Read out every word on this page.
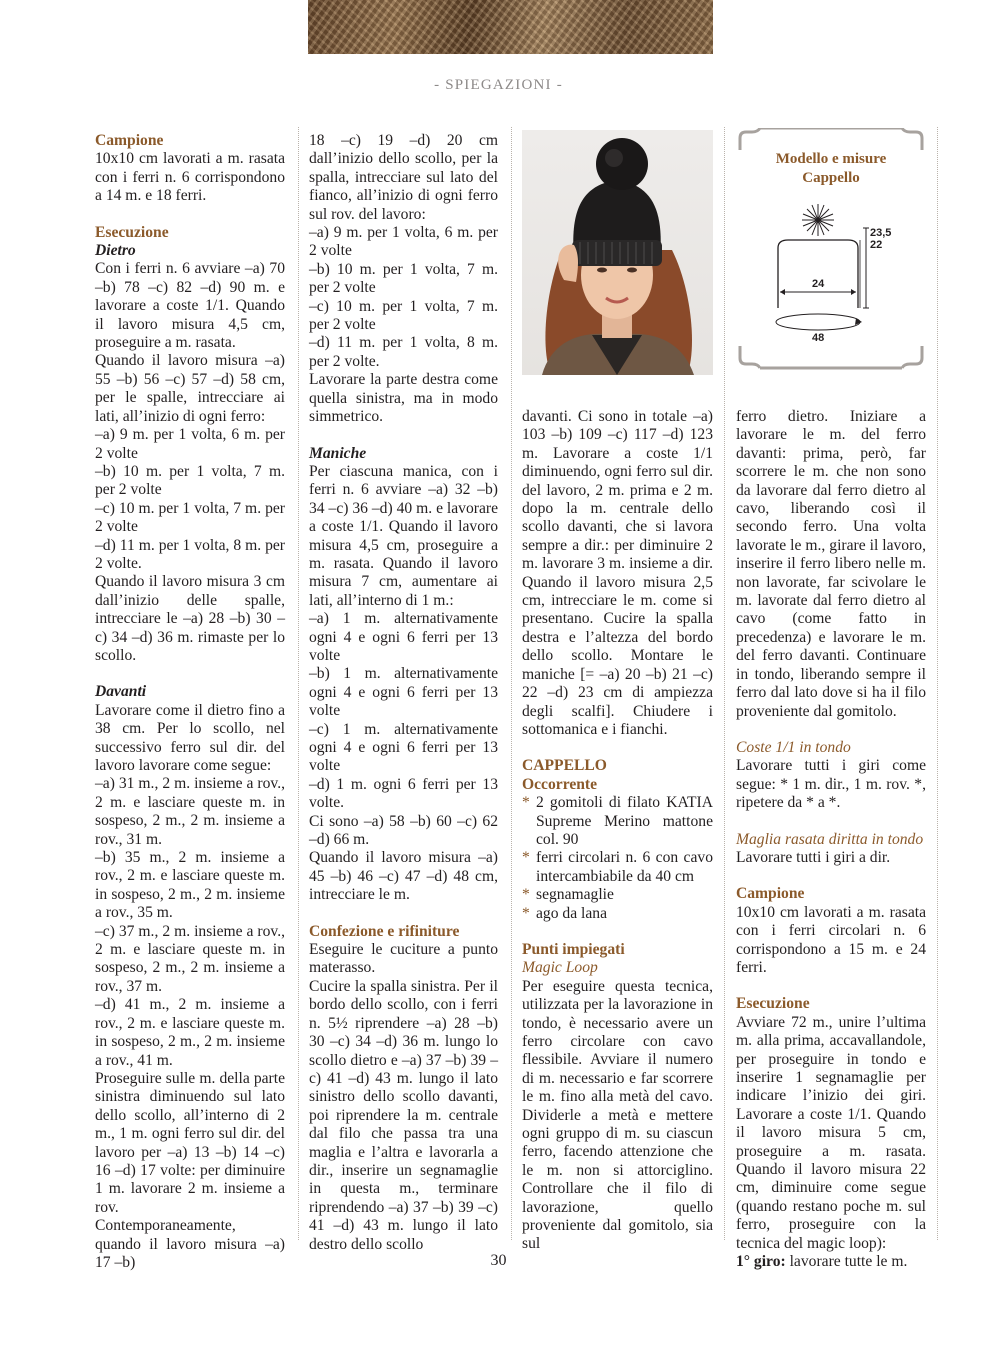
- SPIEGAZIONI -

Campione

10x10 cm lavorati a m. rasata con i ferri n. 6 corrispondono a 14 m. e 18 ferri.

Esecuzione

Dietro

Con i ferri n. 6 avviare –a) 70 –b) 78 –c) 82 –d) 90 m. e lavorare a coste 1/1. Quando il lavoro misura 4,5 cm, proseguire a m. rasata.

Quando il lavoro misura –a) 55 –b) 56 –c) 57 –d) 58 cm, per le spalle, intrecciare ai lati, all’inizio di ogni ferro:

–a) 9 m. per 1 volta, 6 m. per 2 volte

–b) 10 m. per 1 volta, 7 m. per 2 volte

–c) 10 m. per 1 volta, 7 m. per 2 volte

–d) 11 m. per 1 volta, 8 m. per 2 volte.

Quando il lavoro misura 3 cm dall’inizio delle spalle, intrecciare le –a) 28 –b) 30 –c) 34 –d) 36 m. rimaste per lo scollo.

Davanti

Lavorare come il dietro fino a 38 cm. Per lo scollo, nel successivo ferro sul dir. del lavoro lavorare come segue:

–a) 31 m., 2 m. insieme a rov., 2 m. e lasciare queste m. in sospeso, 2 m., 2 m. insieme a rov., 31 m.

–b) 35 m., 2 m. insieme a rov., 2 m. e lasciare queste m. in sospeso, 2 m., 2 m. insieme a rov., 35 m.

–c) 37 m., 2 m. insieme a rov., 2 m. e lasciare queste m. in sospeso, 2 m., 2 m. insieme a rov., 37 m.

–d) 41 m., 2 m. insieme a rov., 2 m. e lasciare queste m. in sospeso, 2 m., 2 m. insieme a rov., 41 m.

Proseguire sulle m. della parte sinistra diminuendo sul lato dello scollo, all’interno di 2 m., 1 m. ogni ferro sul dir. del lavoro per –a) 13 –b) 14 –c) 16 –d) 17 volte: per diminuire 1 m. lavorare 2 m. insieme a rov.

Contemporaneamente, quando il lavoro misura –a) 17 –b)

18 –c) 19 –d) 20 cm dall’inizio dello scollo, per la spalla, intrecciare sul lato del fianco, all’inizio di ogni ferro sul rov. del lavoro:

–a) 9 m. per 1 volta, 6 m. per 2 volte

–b) 10 m. per 1 volta, 7 m. per 2 volte

–c) 10 m. per 1 volta, 7 m. per 2 volte

–d) 11 m. per 1 volta, 8 m. per 2 volte.

Lavorare la parte destra come quella sinistra, ma in modo simmetrico.

Maniche

Per ciascuna manica, con i ferri n. 6 avviare –a) 32 –b) 34 –c) 36 –d) 40 m. e lavorare a coste 1/1. Quando il lavoro misura 4,5 cm, proseguire a m. rasata. Quando il lavoro misura 7 cm, aumentare ai lati, all’interno di 1 m.:

–a) 1 m. alternativamente ogni 4 e ogni 6 ferri per 13 volte

–b) 1 m. alternativamente ogni 4 e ogni 6 ferri per 13 volte

–c) 1 m. alternativamente ogni 4 e ogni 6 ferri per 13 volte

–d) 1 m. ogni 6 ferri per 13 volte.

Ci sono –a) 58 –b) 60 –c) 62 –d) 66 m.

Quando il lavoro misura –a) 45 –b) 46 –c) 47 –d) 48 cm, intrecciare le m.

Confezione e rifiniture

Eseguire le cuciture a punto materasso.

Cucire la spalla sinistra. Per il bordo dello scollo, con i ferri n. 5½ riprendere –a) 28 –b) 30 –c) 34 –d) 36 m. lungo lo scollo dietro e –a) 37 –b) 39 –c) 41 –d) 43 m. lungo il lato sinistro dello scollo davanti, poi riprendere la m. centrale dal filo che passa tra una maglia e l’altra e lavorarla a dir., inserire un segnamaglie in questa m., terminare riprendendo –a) 37 –b) 39 –c) 41 –d) 43 m. lungo il lato destro dello scollo

davanti. Ci sono in totale –a) 103 –b) 109 –c) 117 –d) 123 m. Lavorare a coste 1/1 diminuendo, ogni ferro sul dir. del lavoro, 2 m. prima e 2 m. dopo la m. centrale dello scollo davanti, che si lavora sempre a dir.: per diminuire 2 m. lavorare 3 m. insieme a dir. Quando il lavoro misura 2,5 cm, intrecciare le m. come si presentano. Cucire la spalla destra e l’altezza del bordo dello scollo. Montare le maniche [= –a) 20 –b) 21 –c) 22 –d) 23 cm di ampiezza degli scalfi]. Chiudere i sottomanica e i fianchi.

CAPPELLO

Occorrente

* 2 gomitoli di filato KATIA Supreme Merino mattone col. 90
* ferri circolari n. 6 con cavo intercambiabile da 40 cm
* segnamaglie
* ago da lana

Punti impiegati

Magic Loop

Per eseguire questa tecnica, utilizzata per la lavorazione in tondo, è necessario avere un ferro circolare con cavo flessibile. Avviare il numero di m. necessario e far scorrere le m. fino alla metà del cavo. Dividerle a metà e mettere ogni gruppo di m. su ciascun ferro, facendo attenzione che le m. non si attorciglino. Controllare che il filo di lavorazione, quello proveniente dal gomitolo, sia sul

Modello e misure
Cappello
23,5
22
24
48

ferro dietro. Iniziare a lavorare le m. del ferro davanti: prima, però, far scorrere le m. che non sono da lavorare dal ferro dietro al cavo, liberando così il secondo ferro. Una volta lavorate le m., girare il lavoro, inserire il ferro libero nelle m. non lavorate, far scivolare le m. lavorate dal ferro dietro al cavo (come fatto in precedenza) e lavorare le m. del ferro davanti. Continuare in tondo, liberando sempre il ferro dal lato dove si ha il filo proveniente dal gomitolo.

Coste 1/1 in tondo

Lavorare tutti i giri come segue: * 1 m. dir., 1 m. rov. *, ripetere da * a *.

Maglia rasata diritta in tondo

Lavorare tutti i giri a dir.

Campione

10x10 cm lavorati a m. rasata con i ferri circolari n. 6 corrispondono a 15 m. e 24 ferri.

Esecuzione

Avviare 72 m., unire l’ultima m. alla prima, accavallandole, per proseguire in tondo e inserire 1 segnamaglie per indicare l’inizio dei giri. Lavorare a coste 1/1. Quando il lavoro misura 5 cm, proseguire a m. rasata. Quando il lavoro misura 22 cm, diminuire come segue (quando restano poche m. sul ferro, proseguire con la tecnica del magic loop):

1° giro: lavorare tutte le m.

30
